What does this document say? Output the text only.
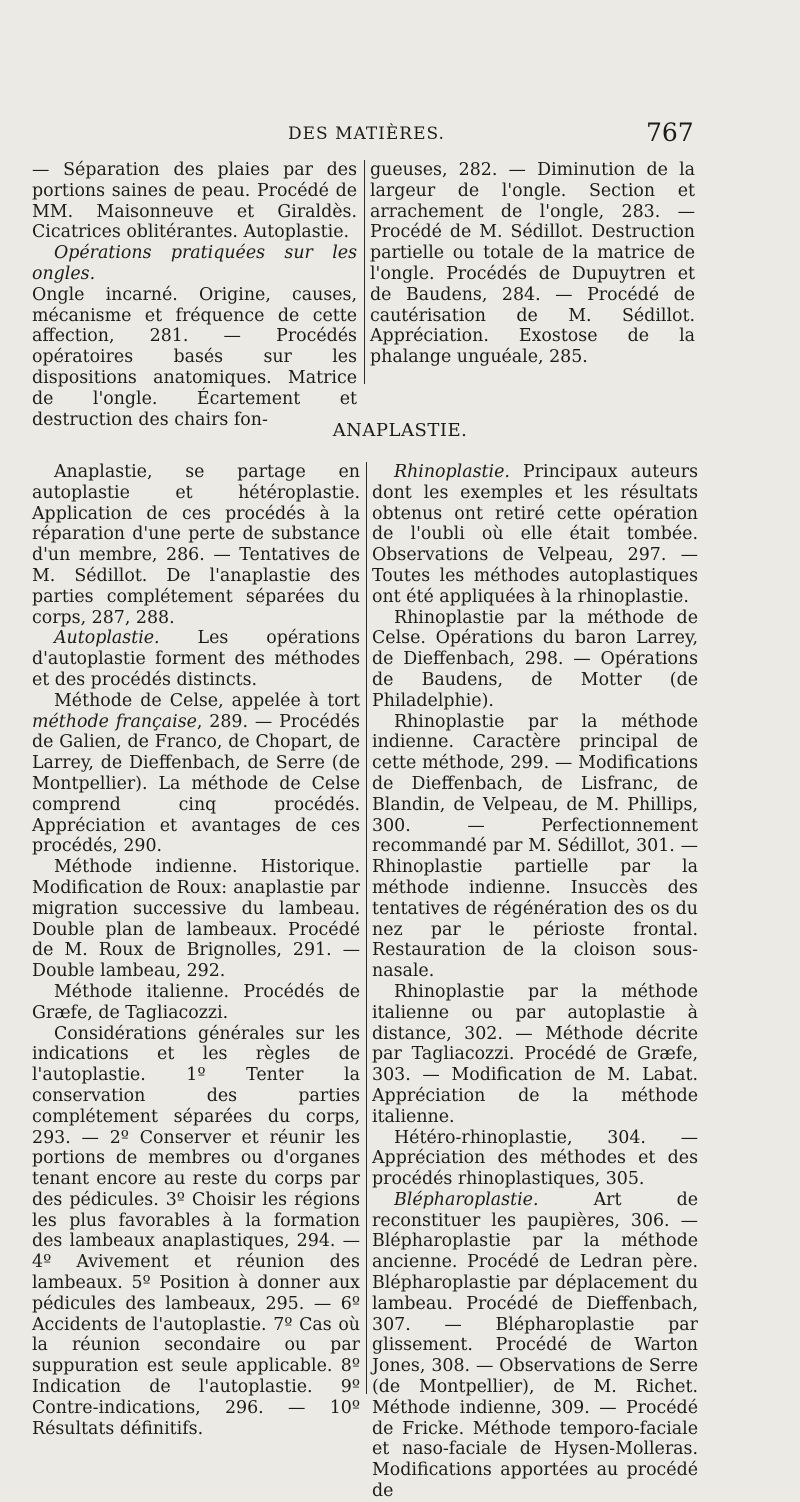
DES MATIÈRES.	767

— Séparation des plaies par des portions saines de peau. Procédé de MM. Maisonneuve et Giraldès. Cicatrices oblitérantes. Autoplastie.

Opérations pratiquées sur les ongles.

Ongle incarné. Origine, causes, mécanisme et fréquence de cette affection, 281. — Procédés opératoires basés sur les dispositions anatomiques. Matrice de l'ongle. Écartement et destruction des chairs fon-

gueuses, 282. — Diminution de la largeur de l'ongle. Section et arrachement de l'ongle, 283. — Procédé de M. Sédillot. Destruction partielle ou totale de la matrice de l'ongle. Procédés de Dupuytren et de Baudens, 284. — Procédé de cautérisation de M. Sédillot. Appréciation. Exostose de la phalange unguéale, 285.

ANAPLASTIE.

Anaplastie, se partage en autoplastie et hétéroplastie. Application de ces procédés à la réparation d'une perte de substance d'un membre, 286. — Tentatives de M. Sédillot. De l'anaplastie des parties complétement séparées du corps, 287, 288.

Autoplastie. Les opérations d'autoplastie forment des méthodes et des procédés distincts.

Méthode de Celse, appelée à tort méthode française, 289. — Procédés de Galien, de Franco, de Chopart, de Larrey, de Dieffenbach, de Serre (de Montpellier). La méthode de Celse comprend cinq procédés. Appréciation et avantages de ces procédés, 290.

Méthode indienne. Historique. Modification de Roux: anaplastie par migration successive du lambeau. Double plan de lambeaux. Procédé de M. Roux de Brignolles, 291. — Double lambeau, 292.

Méthode italienne. Procédés de Græfe, de Tagliacozzi.

Considérations générales sur les indications et les règles de l'autoplastie. 1º Tenter la conservation des parties complétement séparées du corps, 293. — 2º Conserver et réunir les portions de membres ou d'organes tenant encore au reste du corps par des pédicules. 3º Choisir les régions les plus favorables à la formation des lambeaux anaplastiques, 294. — 4º Avivement et réunion des lambeaux. 5º Position à donner aux pédicules des lambeaux, 295. — 6º Accidents de l'autoplastie. 7º Cas où la réunion secondaire ou par suppuration est seule applicable. 8º Indication de l'autoplastie. 9º Contre-indications, 296. — 10º Résultats définitifs.

Rhinoplastie. Principaux auteurs dont les exemples et les résultats obtenus ont retiré cette opération de l'oubli où elle était tombée. Observations de Velpeau, 297. — Toutes les méthodes autoplastiques ont été appliquées à la rhinoplastie.

Rhinoplastie par la méthode de Celse. Opérations du baron Larrey, de Dieffenbach, 298. — Opérations de Baudens, de Motter (de Philadelphie).

Rhinoplastie par la méthode indienne. Caractère principal de cette méthode, 299. — Modifications de Dieffenbach, de Lisfranc, de Blandin, de Velpeau, de M. Phillips, 300. — Perfectionnement recommandé par M. Sédillot, 301. — Rhinoplastie partielle par la méthode indienne. Insuccès des tentatives de régénération des os du nez par le périoste frontal. Restauration de la cloison sous-nasale.

Rhinoplastie par la méthode italienne ou par autoplastie à distance, 302. — Méthode décrite par Tagliacozzi. Procédé de Græfe, 303. — Modification de M. Labat. Appréciation de la méthode italienne.

Hétéro-rhinoplastie, 304. — Appréciation des méthodes et des procédés rhinoplastiques, 305.

Blépharoplastie. Art de reconstituer les paupières, 306. — Blépharoplastie par la méthode ancienne. Procédé de Ledran père. Blépharoplastie par déplacement du lambeau. Procédé de Dieffenbach, 307. — Blépharoplastie par glissement. Procédé de Warton Jones, 308. — Observations de Serre (de Montpellier), de M. Richet. Méthode indienne, 309. — Procédé de Fricke. Méthode temporo-faciale et naso-faciale de Hysen-Molleras. Modifications apportées au procédé de
